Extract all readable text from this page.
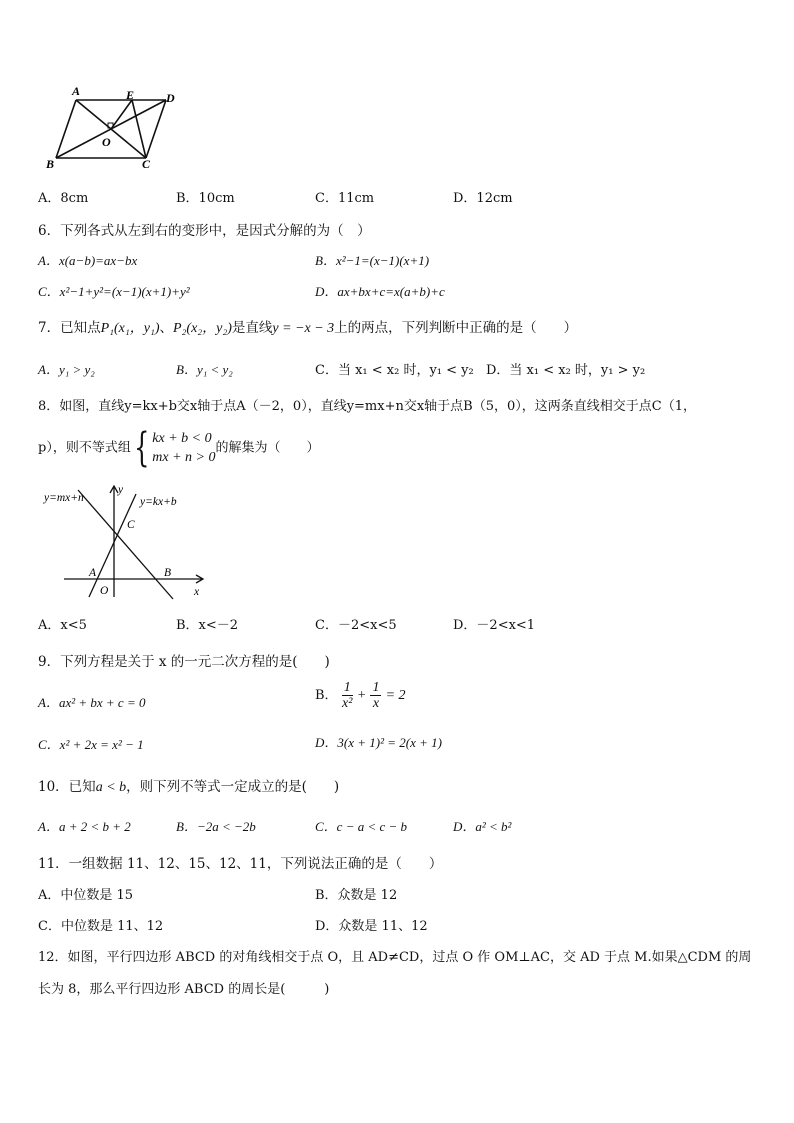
A	E	D
O
B	C
A．8cm	B．10cm	C．11cm	D．12cm
6．下列各式从左到右的变形中，是因式分解的为（　）
A．x(a−b)=ax−bx	B．x²−1=(x−1)(x+1)
C．x²−1+y²=(x−1)(x+1)+y²	D．ax+bx+c=x(a+b)+c
7．已知点P₁(x₁，y₁)、P₂(x₂，y₂)是直线y = −x − 3上的两点，下列判断中正确的是（　　）
A．y₁ > y₂	B．y₁ < y₂	C．当 x₁ < x₂ 时，y₁ < y₂ D．当 x₁ < x₂ 时，y₁ > y₂
8．如图，直线y=kx+b交x轴于点A（－2，0），直线y=mx+n交x轴于点B（5，0），这两条直线相交于点C（1，
p），则不等式组{ kx + b < 0
mx + n > 0
的解集为（　　）
y=mx+n	y=kx+b
y
x
C
A
O
B
A．x<5	B．x<－2	C．－2<x<5	D．－2<x<1
9．下列方程是关于 x 的一元二次方程的是(　　)
A．ax² + bx + c = 0	B． $\frac{1}{\text{x²}} + \frac{1}{x} = 2$
C．x² + 2x = x² − 1	D．3(x + 1)² = 2(x + 1)
10．已知a < b，则下列不等式一定成立的是(　　)
A．a + 2 < b + 2	B．−2a < −2b	C．c − a < c − b	D．a² < b²
11．一组数据 11、12、15、12、11，下列说法正确的是（　　）
A．中位数是 15	B．众数是 12
C．中位数是 11、12	D．众数是 11、12
12．如图，平行四边形 ABCD 的对角线相交于点 O，且 AD≠CD，过点 O 作 OM⊥AC，交 AD 于点 M.如果△CDM 的周
长为 8，那么平行四边形 ABCD 的周长是(　　　)
